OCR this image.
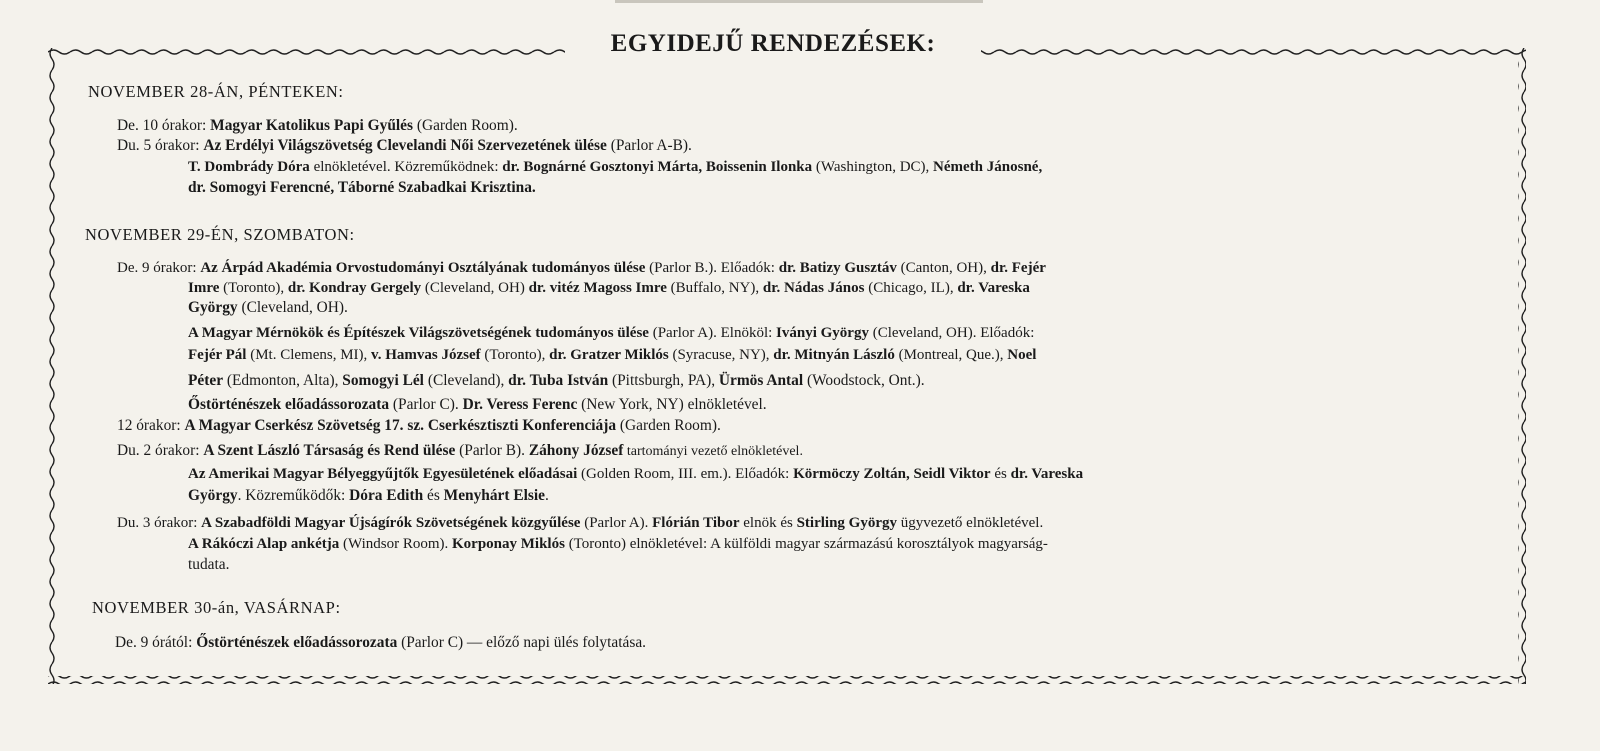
EGYIDEJŰ RENDEZÉSEK:
NOVEMBER 28-ÁN, PÉNTEKEN:
De. 10 órakor: Magyar Katolikus Papi Gyűlés (Garden Room).
Du. 5 órakor: Az Erdélyi Világszövetség Clevelandi Női Szervezetének ülése (Parlor A-B).
T. Dombrády Dóra elnökletével. Közreműködnek: dr. Bognárné Gosztonyi Márta, Boissenin Ilonka (Washington, DC), Németh Jánosné,
dr. Somogyi Ferencné, Táborné Szabadkai Krisztina.
NOVEMBER 29-ÉN, SZOMBATON:
De. 9 órakor: Az Árpád Akadémia Orvostudományi Osztályának tudományos ülése (Parlor B.). Előadók: dr. Batizy Gusztáv (Canton, OH), dr. Fejér
Imre (Toronto), dr. Kondray Gergely (Cleveland, OH) dr. vitéz Magoss Imre (Buffalo, NY), dr. Nádas János (Chicago, IL), dr. Vareska
György (Cleveland, OH).
A Magyar Mérnökök és Építészek Világszövetségének tudományos ülése (Parlor A). Elnököl: Iványi György (Cleveland, OH). Előadók:
Fejér Pál (Mt. Clemens, MI), v. Hamvas József (Toronto), dr. Gratzer Miklós (Syracuse, NY), dr. Mitnyán László (Montreal, Que.), Noel
Péter (Edmonton, Alta), Somogyi Lél (Cleveland), dr. Tuba István (Pittsburgh, PA), Ürmös Antal (Woodstock, Ont.).
Őstörténészek előadássorozata (Parlor C). Dr. Veress Ferenc (New York, NY) elnökletével.
12 órakor: A Magyar Cserkész Szövetség 17. sz. Cserkésztiszti Konferenciája (Garden Room).
Du. 2 órakor: A Szent László Társaság és Rend ülése (Parlor B). Záhony József tartományi vezető elnökletével.
Az Amerikai Magyar Bélyeggyűjtők Egyesületének előadásai (Golden Room, III. em.). Előadók: Körmöczy Zoltán, Seidl Viktor és dr. Vareska
György. Közreműködők: Dóra Edith és Menyhárt Elsie.
Du. 3 órakor: A Szabadföldi Magyar Újságírók Szövetségének közgyűlése (Parlor A). Flórián Tibor elnök és Stirling György ügyvezető elnökletével.
A Rákóczi Alap ankétja (Windsor Room). Korponay Miklós (Toronto) elnökletével: A külföldi magyar származású korosztályok magyarság-
tudata.
NOVEMBER 30-án, VASÁRNAP:
De. 9 órától: Őstörténészek előadássorozata (Parlor C) — előző napi ülés folytatása.
